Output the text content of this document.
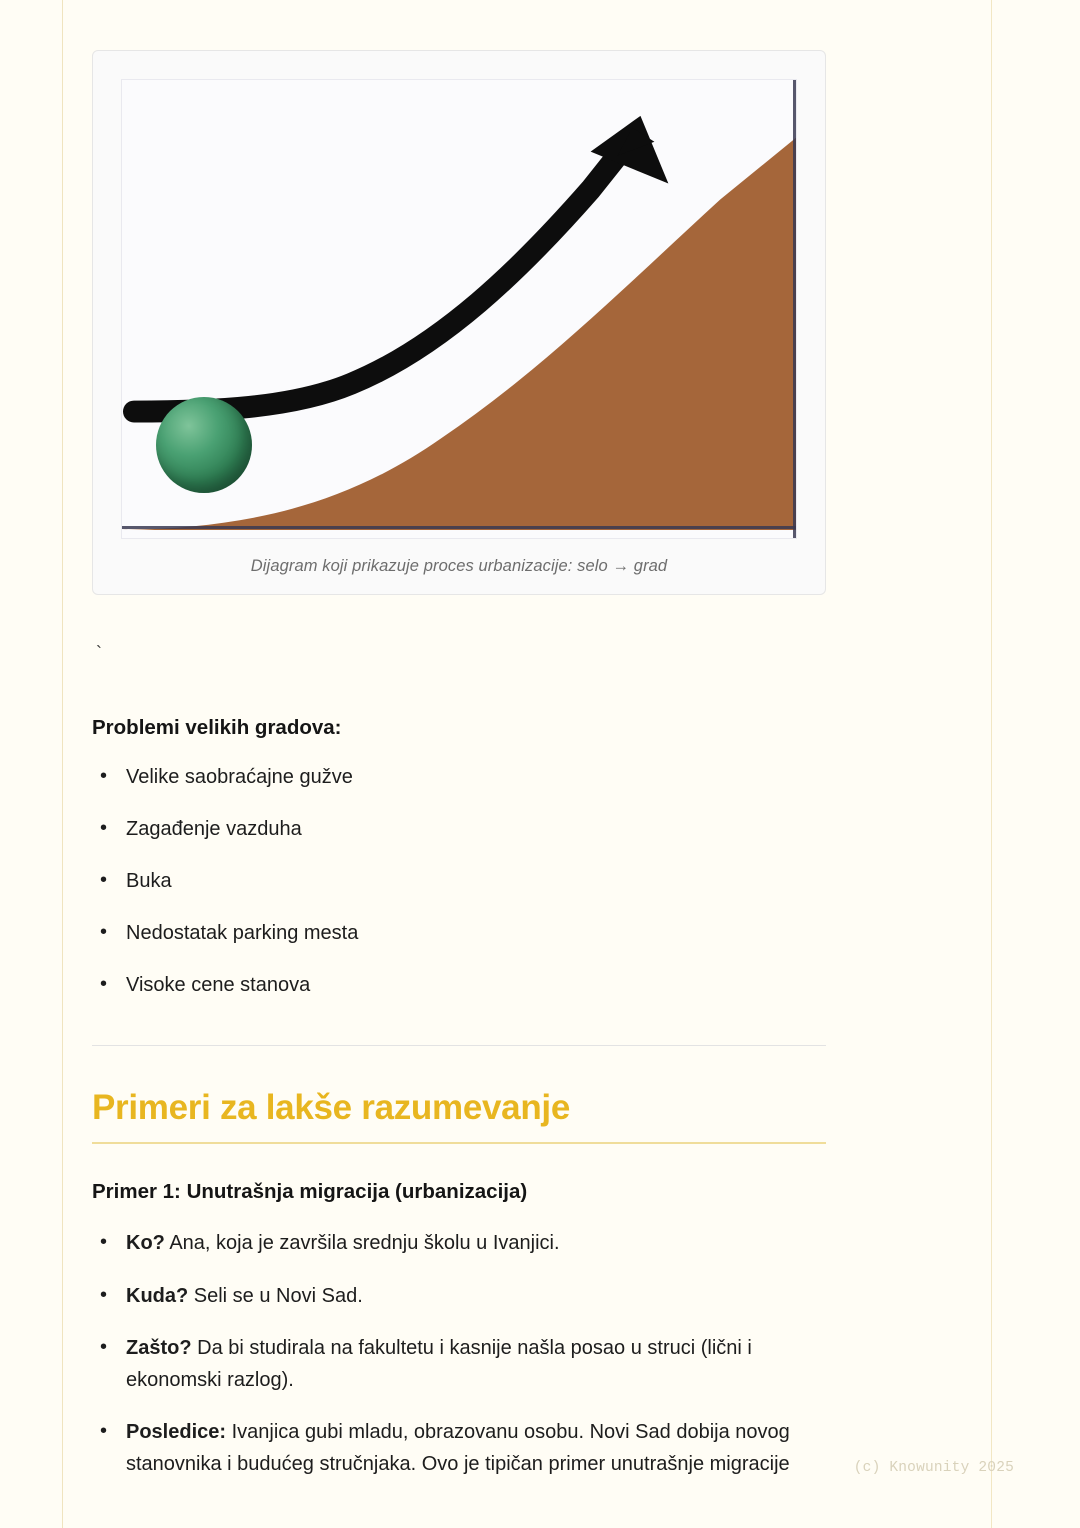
Dijagram koji prikazuje proces urbanizacije: selo → grad
`
Problemi velikih gradova:
• Velike saobraćajne gužve
• Zagađenje vazduha
• Buka
• Nedostatak parking mesta
• Visoke cene stanova
Primeri za lakše razumevanje
Primer 1: Unutrašnja migracija (urbanizacija)
• Ko? Ana, koja je završila srednju školu u Ivanjici.
• Kuda? Seli se u Novi Sad.
• Zašto? Da bi studirala na fakultetu i kasnije našla posao u struci (lični i ekonomski razlog).
• Posledice: Ivanjica gubi mladu, obrazovanu osobu. Novi Sad dobija novog stanovnika i budućeg stručnjaka. Ovo je tipičan primer unutrašnje migracije	(c) Knowunity 2025
